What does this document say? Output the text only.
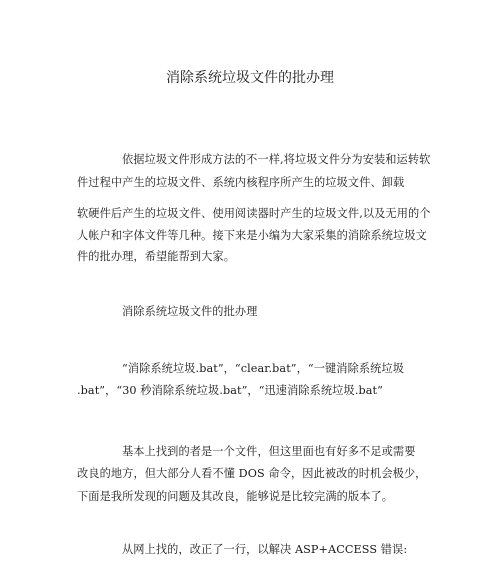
消除系统垃圾文件的批办理
依据垃圾文件形成方法的不一样,将垃圾文件分为安装和运转软
件过程中产生的垃圾文件、系统内核程序所产生的垃圾文件、卸载
软硬件后产生的垃圾文件、使用阅读器时产生的垃圾文件,以及无用的个
人帐户和字体文件等几种。接下来是小编为大家采集的消除系统垃圾文
件的批办理，希望能帮到大家。
消除系统垃圾文件的批办理
“消除系统垃圾.bat”，“clear.bat”，“一键消除系统垃圾
.bat”，“30 秒消除系统垃圾.bat”，“迅速消除系统垃圾.bat”
基本上找到的者是一个文件，但这里面也有好多不足或需要
改良的地方，但大部分人看不懂 DOS 命令，因此被改的时机会极少，
下面是我所发现的问题及其改良，能够说是比较完满的版本了。
从网上找的，改正了一行，以解决 ASP+ACCESS 错误:
